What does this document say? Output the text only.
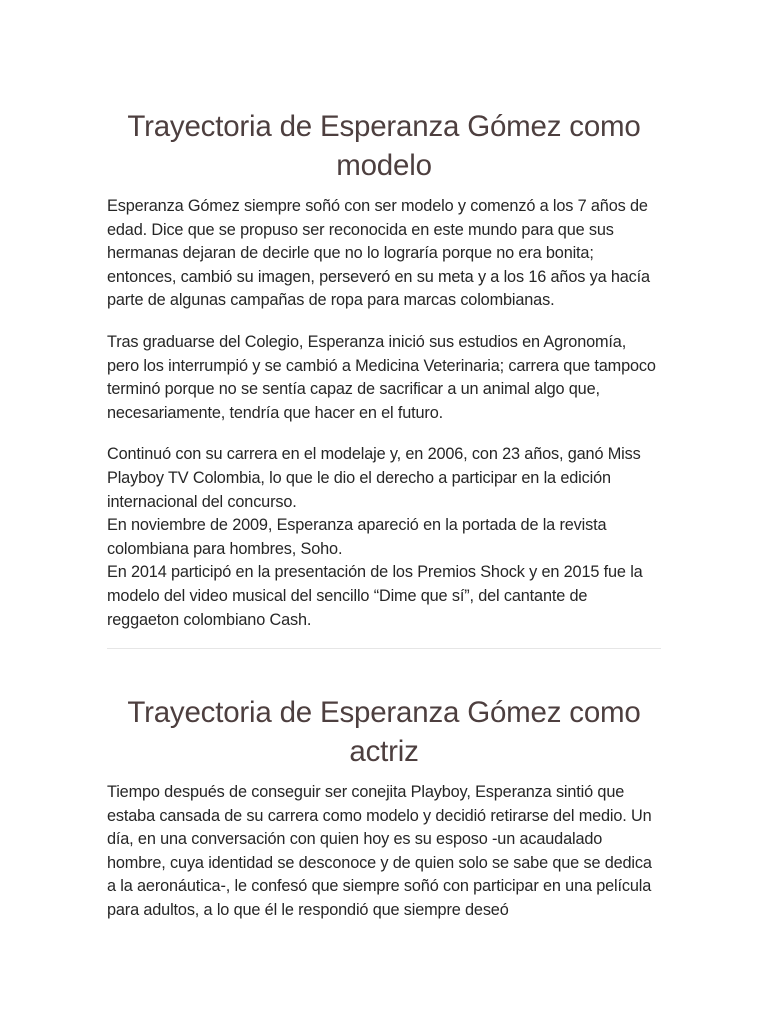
Trayectoria de Esperanza Gómez como modelo

Esperanza Gómez siempre soñó con ser modelo y comenzó a los 7 años de edad. Dice que se propuso ser reconocida en este mundo para que sus hermanas dejaran de decirle que no lo lograría porque no era bonita; entonces, cambió su imagen, perseveró en su meta y a los 16 años ya hacía parte de algunas campañas de ropa para marcas colombianas.

Tras graduarse del Colegio, Esperanza inició sus estudios en Agronomía, pero los interrumpió y se cambió a Medicina Veterinaria; carrera que tampoco terminó porque no se sentía capaz de sacrificar a un animal algo que, necesariamente, tendría que hacer en el futuro.

Continuó con su carrera en el modelaje y, en 2006, con 23 años, ganó Miss Playboy TV Colombia, lo que le dio el derecho a participar en la edición internacional del concurso.

En noviembre de 2009, Esperanza apareció en la portada de la revista colombiana para hombres, Soho.

En 2014 participó en la presentación de los Premios Shock y en 2015 fue la modelo del video musical del sencillo “Dime que sí”, del cantante de reggaeton colombiano Cash.

Trayectoria de Esperanza Gómez como actriz

Tiempo después de conseguir ser conejita Playboy, Esperanza sintió que estaba cansada de su carrera como modelo y decidió retirarse del medio. Un día, en una conversación con quien hoy es su esposo -un acaudalado hombre, cuya identidad se desconoce y de quien solo se sabe que se dedica a la aeronáutica-, le confesó que siempre soñó con participar en una película para adultos, a lo que él le respondió que siempre deseó
